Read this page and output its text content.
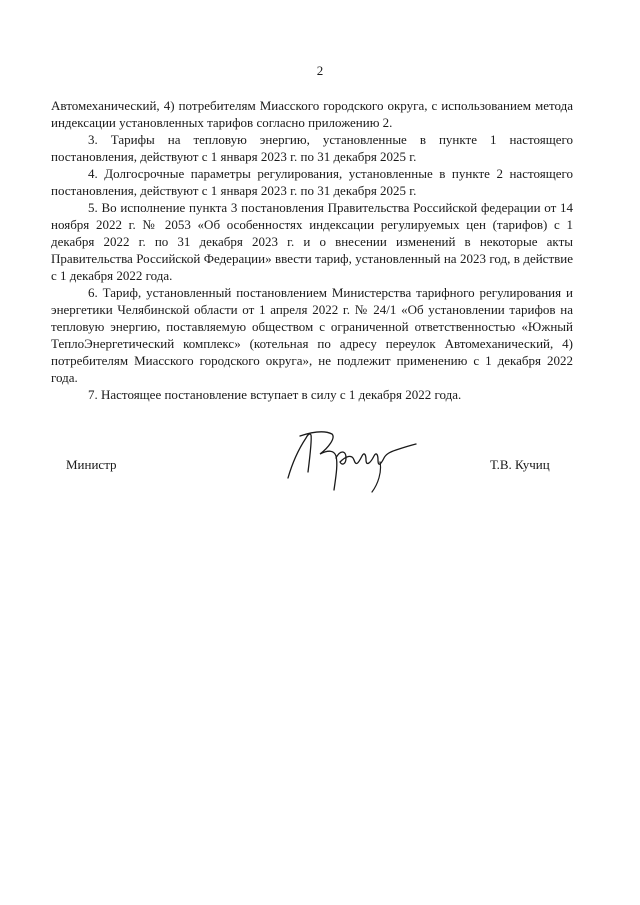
2

Автомеханический, 4) потребителям Миасского городского округа, с использованием метода индексации установленных тарифов согласно приложению 2.

3. Тарифы на тепловую энергию, установленные в пункте 1 настоящего постановления, действуют с 1 января 2023 г. по 31 декабря 2025 г.

4. Долгосрочные параметры регулирования, установленные в пункте 2 настоящего постановления, действуют с 1 января 2023 г. по 31 декабря 2025 г.

5. Во исполнение пункта 3 постановления Правительства Российской федерации от 14 ноября 2022 г. № 2053 «Об особенностях индексации регулируемых цен (тарифов) с 1 декабря 2022 г. по 31 декабря 2023 г. и о внесении изменений в некоторые акты Правительства Российской Федерации» ввести тариф, установленный на 2023 год, в действие с 1 декабря 2022 года.

6. Тариф, установленный постановлением Министерства тарифного регулирования и энергетики Челябинской области от 1 апреля 2022 г. № 24/1 «Об установлении тарифов на тепловую энергию, поставляемую обществом с ограниченной ответственностью «Южный ТеплоЭнергетический комплекс» (котельная по адресу переулок Автомеханический, 4) потребителям Миасского городского округа», не подлежит применению с 1 декабря 2022 года.

7. Настоящее постановление вступает в силу с 1 декабря 2022 года.

Министр	Т.В. Кучиц
